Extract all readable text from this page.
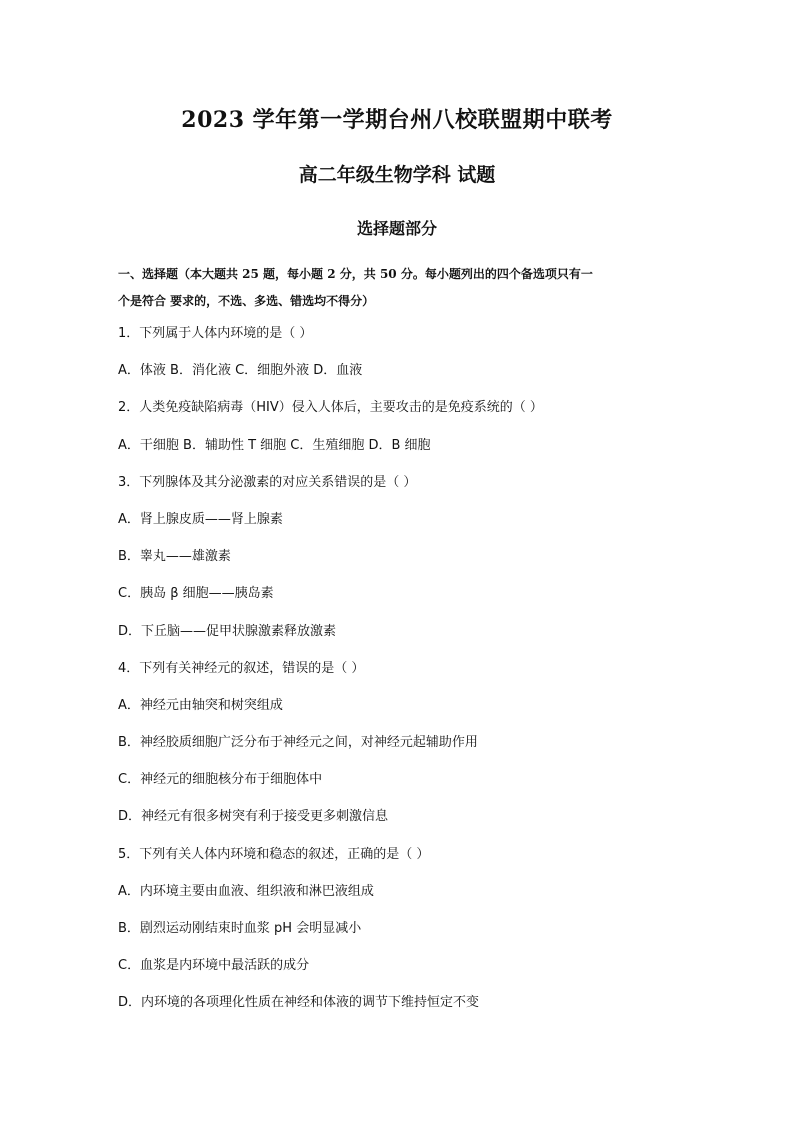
2023 学年第一学期台州八校联盟期中联考
高二年级生物学科 试题
选择题部分
一、选择题（本大题共 25 题，每小题 2 分，共 50 分。每小题列出的四个备选项只有一
个是符合 要求的，不选、多选、错选均不得分）
1．下列属于人体内环境的是（ ）
A．体液 B．消化液 C．细胞外液 D．血液
2．人类免疫缺陷病毒（HIV）侵入人体后，主要攻击的是免疫系统的（ ）
A．干细胞 B．辅助性 T 细胞 C．生殖细胞 D．B 细胞
3．下列腺体及其分泌激素的对应关系错误的是（ ）
A．肾上腺皮质——肾上腺素
B．睾丸——雄激素
C．胰岛 β 细胞——胰岛素
D．下丘脑——促甲状腺激素释放激素
4．下列有关神经元的叙述，错误的是（ ）
A．神经元由轴突和树突组成
B．神经胶质细胞广泛分布于神经元之间，对神经元起辅助作用
C．神经元的细胞核分布于细胞体中
D．神经元有很多树突有利于接受更多刺激信息
5．下列有关人体内环境和稳态的叙述，正确的是（ ）
A．内环境主要由血液、组织液和淋巴液组成
B．剧烈运动刚结束时血浆 pH 会明显减小
C．血浆是内环境中最活跃的成分
D．内环境的各项理化性质在神经和体液的调节下维持恒定不变
